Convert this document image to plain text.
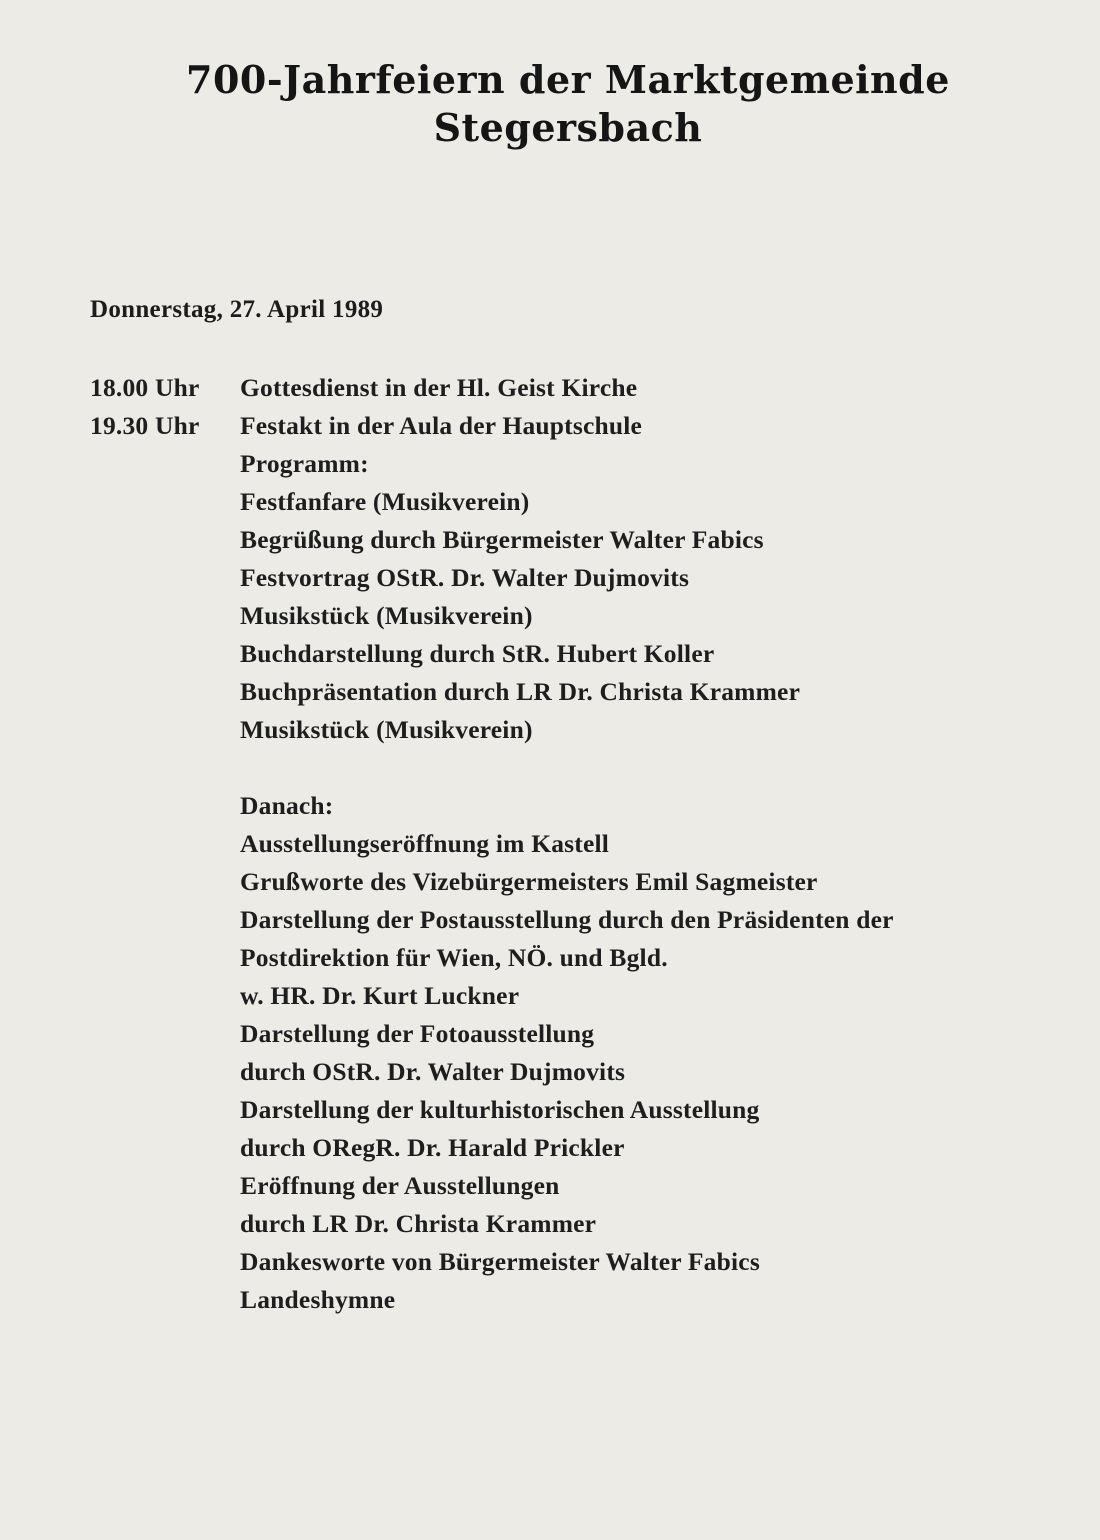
700-Jahrfeiern der Marktgemeinde
Stegersbach
Donnerstag, 27. April 1989
18.00 Uhr Gottesdienst in der Hl. Geist Kirche
19.30 Uhr Festakt in der Aula der Hauptschule
Programm:
Festfanfare (Musikverein)
Begrüßung durch Bürgermeister Walter Fabics
Festvortrag OStR. Dr. Walter Dujmovits
Musikstück (Musikverein)
Buchdarstellung durch StR. Hubert Koller
Buchpräsentation durch LR Dr. Christa Krammer
Musikstück (Musikverein)
Danach:
Ausstellungseröffnung im Kastell
Grußworte des Vizebürgermeisters Emil Sagmeister
Darstellung der Postausstellung durch den Präsidenten der
Postdirektion für Wien, NÖ. und Bgld.
w. HR. Dr. Kurt Luckner
Darstellung der Fotoausstellung
durch OStR. Dr. Walter Dujmovits
Darstellung der kulturhistorischen Ausstellung
durch ORegR. Dr. Harald Prickler
Eröffnung der Ausstellungen
durch LR Dr. Christa Krammer
Dankesworte von Bürgermeister Walter Fabics
Landeshymne
